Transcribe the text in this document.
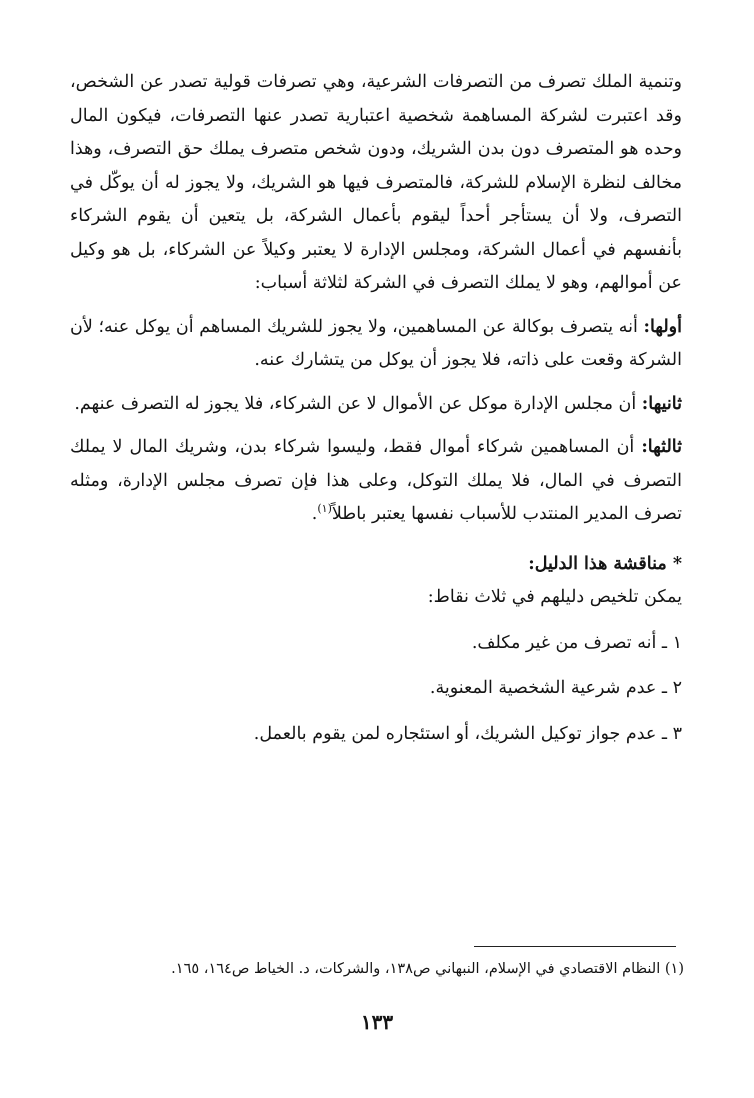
وتنمية الملك تصرف من التصرفات الشرعية، وهي تصرفات قولية تصدر عن الشخص، وقد اعتبرت لشركة المساهمة شخصية اعتبارية تصدر عنها التصرفات، فيكون المال وحده هو المتصرف دون بدن الشريك، ودون شخص متصرف يملك حق التصرف، وهذا مخالف لنظرة الإسلام للشركة، فالمتصرف فيها هو الشريك، ولا يجوز له أن يوكّل في التصرف، ولا أن يستأجر أحداً ليقوم بأعمال الشركة، بل يتعين أن يقوم الشركاء بأنفسهم في أعمال الشركة، ومجلس الإدارة لا يعتبر وكيلاً عن الشركاء، بل هو وكيل عن أموالهم، وهو لا يملك التصرف في الشركة لثلاثة أسباب:

أولها: أنه يتصرف بوكالة عن المساهمين، ولا يجوز للشريك المساهم أن يوكل عنه؛ لأن الشركة وقعت على ذاته، فلا يجوز أن يوكل من يتشارك عنه.

ثانيها: أن مجلس الإدارة موكل عن الأموال لا عن الشركاء، فلا يجوز له التصرف عنهم.

ثالثها: أن المساهمين شركاء أموال فقط، وليسوا شركاء بدن، وشريك المال لا يملك التصرف في المال، فلا يملك التوكل، وعلى هذا فإن تصرف مجلس الإدارة، ومثله تصرف المدير المنتدب للأسباب نفسها يعتبر باطلاً$^{(١)}$.

* مناقشة هذا الدليل:
يمكن تلخيص دليلهم في ثلاث نقاط:
١ ـ أنه تصرف من غير مكلف.
٢ ـ عدم شرعية الشخصية المعنوية.
٣ ـ عدم جواز توكيل الشريك، أو استئجاره لمن يقوم بالعمل.
(١) النظام الاقتصادي في الإسلام، النبهاني ص١٣٨، والشركات، د. الخياط ص١٦٤، ١٦٥.
١٣٣
